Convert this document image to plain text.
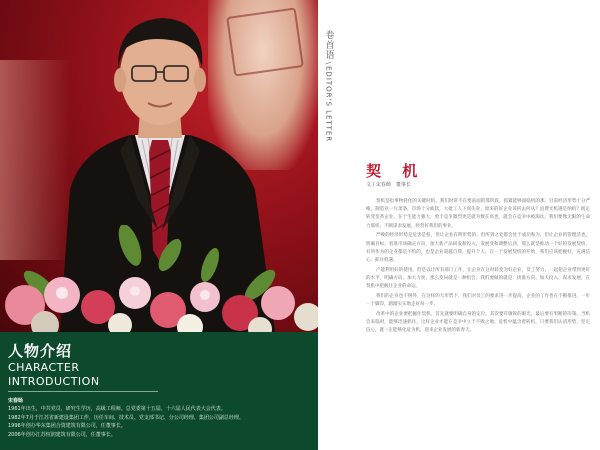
人物介绍
CHARACTER INTRODUCTION
宋春旸
1961年出生，中共党员，研究生学历，高级工程师。总党委第十五届、十六届人民代表大会代表。
1982年7月于江苏省新建设集团工作，历任车间、技术员、党支部书记、分公司经理、集团公司副总经理。
1996年创办华东集团合资建筑有限公司，任董事长。
2006年创办江苏恒润建筑有限公司，任董事长。
卷首语
\
EDITOR'S LETTER
契 机
文 / 宋春旸　董事长

契机是指事物转化的关键时机。我们时常不在要前面的那阶段，抓紧能够面临机的那，目前经济形势十分严峻，制造业一片萧条，市场十分疲软，大批工人下岗失业，原来的好企业该何去何从？浪费光机遇是纳机？既定转变变革企业，在于生能力强大，勇于竞争激烈更是就为数在高也，就会在竞争中被淘汰。我们要像无限的生命力那样，不断谋求发展，经营好我们的事业。

严峻的经济形势是危害是机，但让企业有明形势的，但所到之处都会处于成功和为，但让企业的管理活也，明确目标，看准市场确定方向，加大新产品研发和投入，发展变和调整后劲，那么就是推动一个好的发展契机，有所作为的企业都是不怕的，也是企业超越自我，提升个人、在一个发展契机的开始，我们应该把握好，充满信心，抓住机遇。

产能利用好的使用。但是以让所有部门工作，让企业在这时转变为好企业，员工努力，一起把企业带到更好的水平。明确方向，加大力度，那么变局就是一种机会。我们要做的就是：找准方向、加大投入、谋求发展，在契机中把握住企业的命运。

我们的企业也不例外，在这样的大形势下，我们对员工的要求进一步提高，企业的工作也在不断推进，一步一个脚印，踏踏实实地走好每一步。

改革中的企业要把握住契机，首先就要明确自身的定位，其次要有敏锐的眼光，最后要有果断的决策。当机会来临时，能够迅速抓住，这样企业才能在竞争中立于不败之地。危机中蕴含着转机，只要我们认清形势，坚定信心，就一定能够化危为机，迎来企业发展的新春天。
